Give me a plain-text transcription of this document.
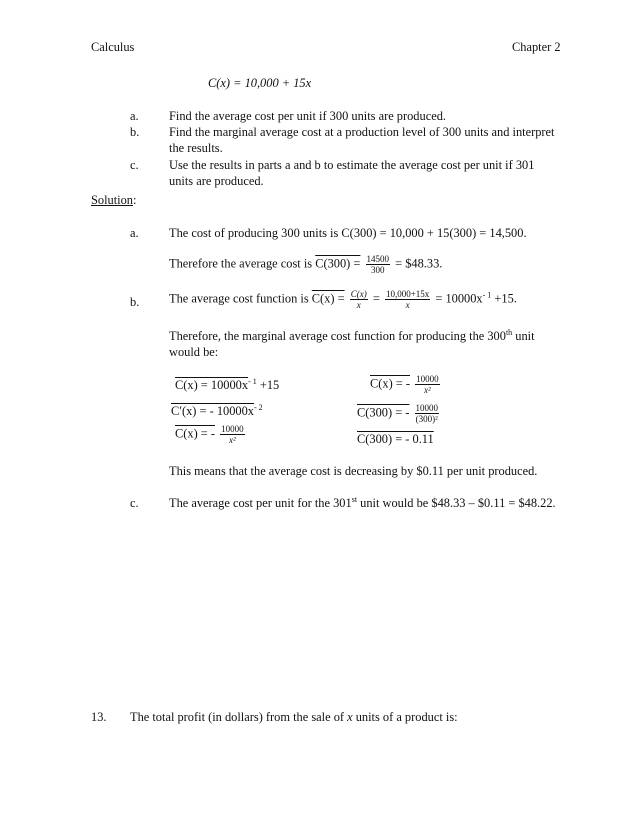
Calculus	Chapter 2
C(x) = 10,000 + 15x
a. Find the average cost per unit if 300 units are produced.
b. Find the marginal average cost at a production level of 300 units and interpret
the results.
c. Use the results in parts a and b to estimate the average cost per unit if 301
units are produced.
Solution:
a. The cost of producing 300 units is C(300) = 10,000 + 15(300) = 14,500.
Therefore the average cost is $C(300) = \frac{14500}{300}$ = $48.33.
b. The average cost function is $C(x) = \frac{C(x)}{x} = \frac{10,000+15x}{x} = 10000x^{- 1} +15$.
Therefore, the marginal average cost function for producing the 300th unit
would be:
$C(x) = 10000x^{- 1} +15$
C′(x) = - $10000x^{- 2}$
C(x) = - $\frac{10000}{\text{x²}}$
C(x) = - $\frac{10000}{\text{x²}}$
C(300) = - $\frac{10000}{\text{(300)²}}$
C(300) = - 0.11
This means that the average cost is decreasing by $0.11 per unit produced.
c. The average cost per unit for the 301st unit would be $48.33 – $0.11 = $48.22.
13. The total profit (in dollars) from the sale of x units of a product is:
